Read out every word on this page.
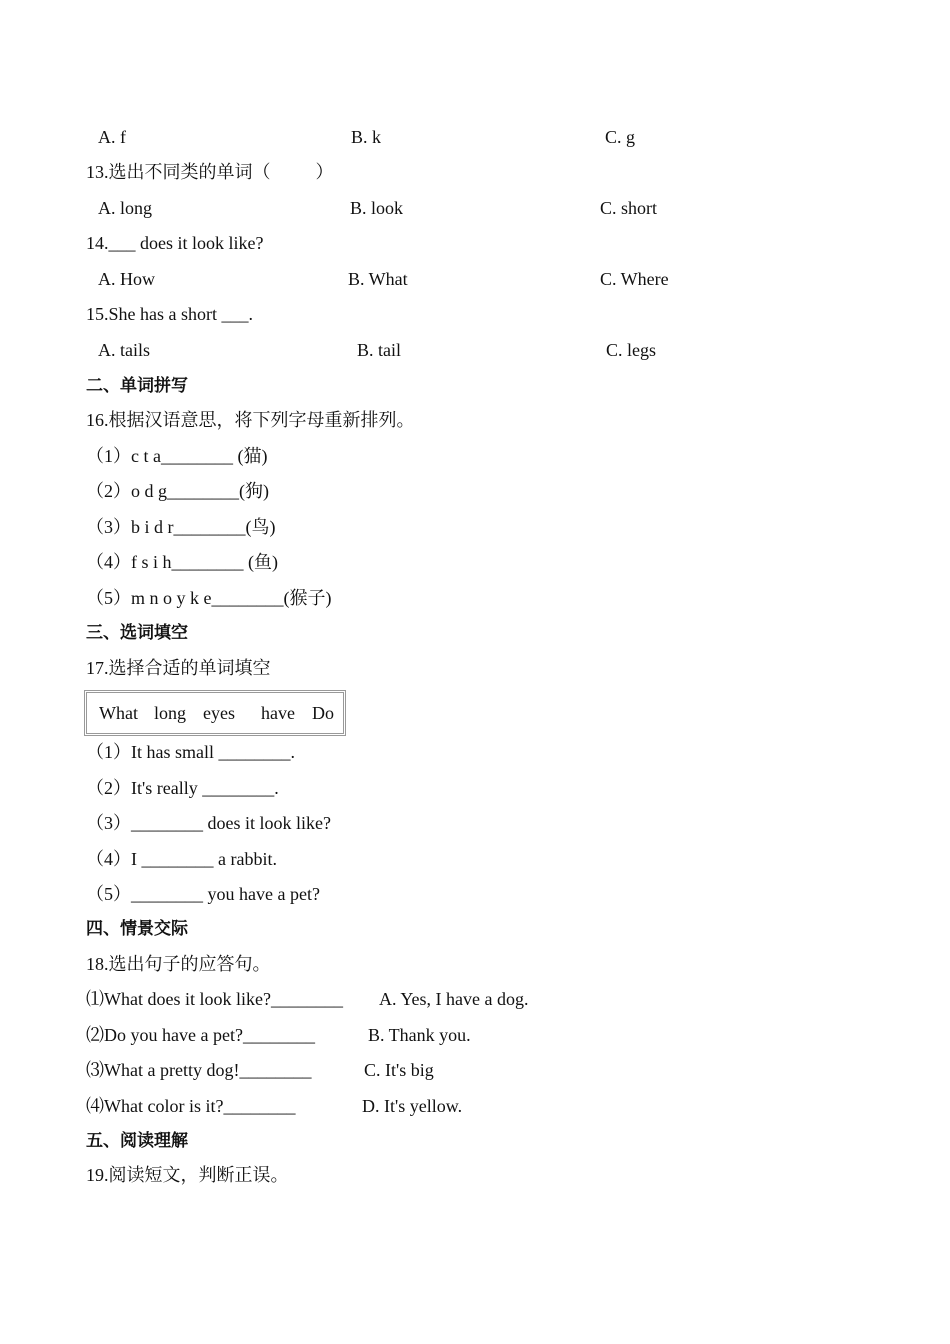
A. f	B. k	C. g
13.选出不同类的单词（          ）
A. long	B. look	C. short
14.___ does it look like?
A. How	B. What	C. Where
15.She has a short ___.
A. tails	B. tail	C. legs
二、单词拼写
16.根据汉语意思，将下列字母重新排列。
（1）c t a________ (猫)
（2）o d g________(狗)
（3）b i d r________(鸟)
（4）f s i h________ (鱼)
（5）m n o y k e________(猴子)
三、选词填空
17.选择合适的单词填空
What long eyes have Do
（1）It has small ________.
（2）It's really ________.
（3）________ does it look like?
（4）I ________ a rabbit.
（5）________ you have a pet?
四、情景交际
18.选出句子的应答句。
⑴What does it look like?________ A. Yes, I have a dog.
⑵Do you have a pet?________	B. Thank you.
⑶What a pretty dog!________	C. It's big
⑷What color is it?________	D. It's yellow.
五、阅读理解
19.阅读短文，判断正误。
